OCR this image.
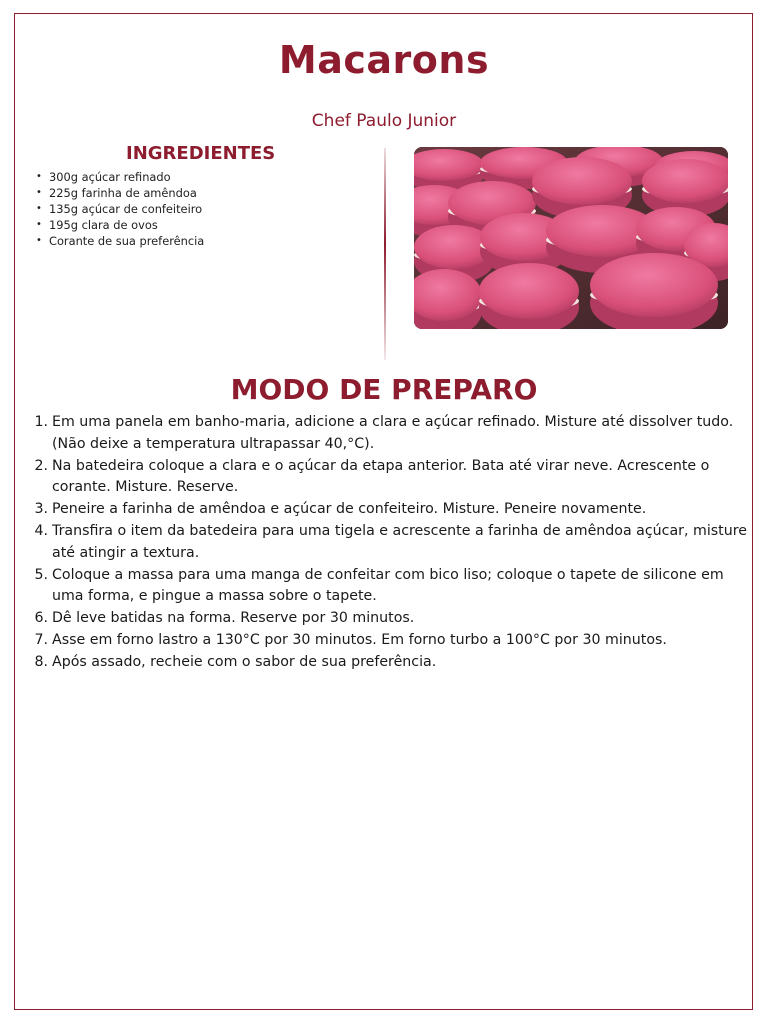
Macarons
Chef Paulo Junior
INGREDIENTES
• 300g açúcar refinado
• 225g farinha de amêndoa
• 135g açúcar de confeiteiro
• 195g clara de ovos
• Corante de sua preferência
MODO DE PREPARO
1. Em uma panela em banho-maria, adicione a clara e açúcar refinado. Misture até dissolver tudo. (Não deixe a temperatura ultrapassar 40,°C).
2. Na batedeira coloque a clara e o açúcar da etapa anterior. Bata até virar neve. Acrescente o corante. Misture. Reserve.
3. Peneire a farinha de amêndoa e açúcar de confeiteiro. Misture. Peneire novamente.
4. Transfira o item da batedeira para uma tigela e acrescente a farinha de amêndoa açúcar, misture até atingir a textura.
5. Coloque a massa para uma manga de confeitar com bico liso; coloque o tapete de silicone em uma forma, e pingue a massa sobre o tapete.
6. Dê leve batidas na forma. Reserve por 30 minutos.
7. Asse em forno lastro a 130°C por 30 minutos. Em forno turbo a 100°C por 30 minutos.
8. Após assado, recheie com o sabor de sua preferência.
